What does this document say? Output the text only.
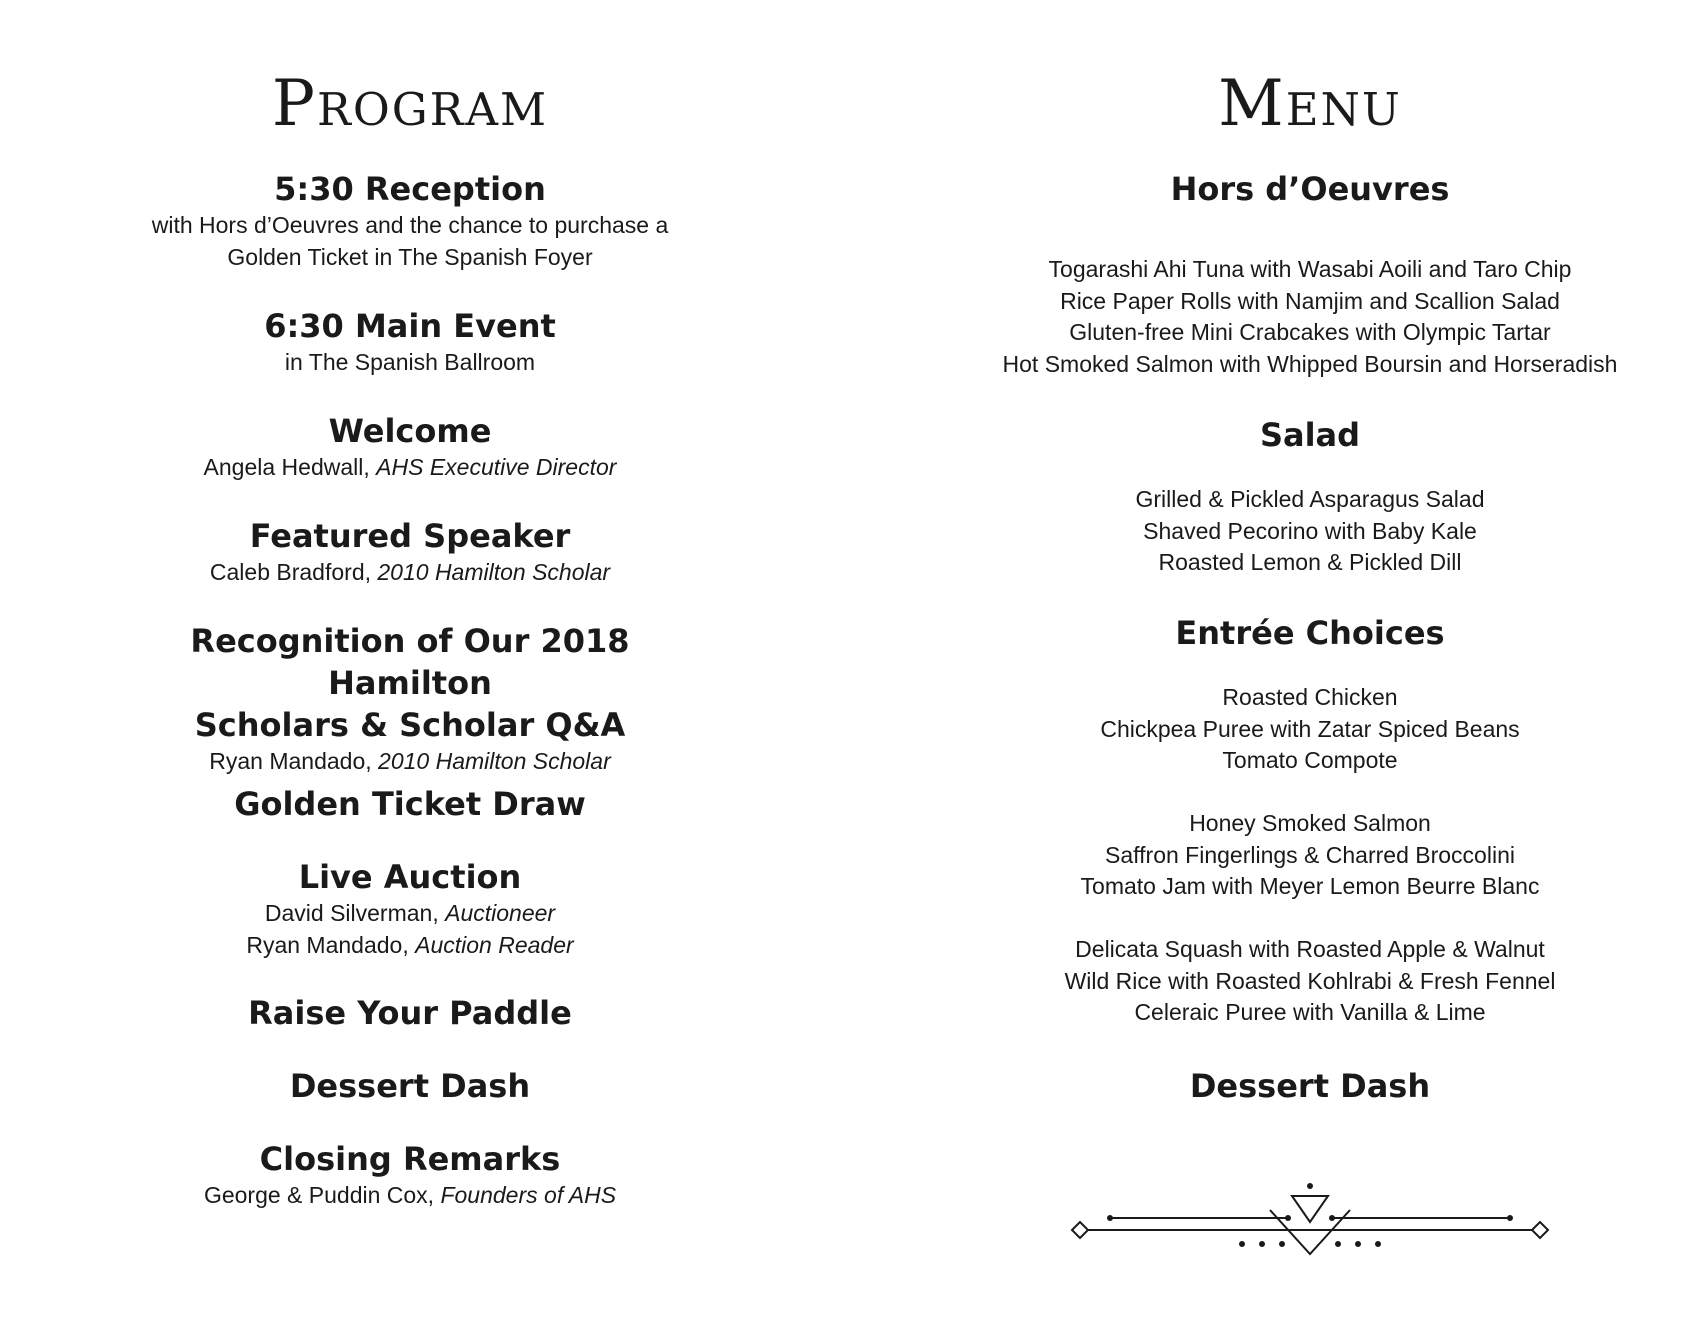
Program

5:30 Reception

with Hors d’Oeuvres and the chance to purchase a

Golden Ticket in The Spanish Foyer

6:30 Main Event

in The Spanish Ballroom

Welcome

Angela Hedwall, AHS Executive Director

Featured Speaker

Caleb Bradford, 2010 Hamilton Scholar

Recognition of Our 2018 Hamilton

Scholars & Scholar Q&A

Ryan Mandado, 2010 Hamilton Scholar

Golden Ticket Draw

Live Auction

David Silverman, Auctioneer

Ryan Mandado, Auction Reader

Raise Your Paddle

Dessert Dash

Closing Remarks

George & Puddin Cox, Founders of AHS

Menu

Hors d’Oeuvres

Togarashi Ahi Tuna with Wasabi Aoili and Taro Chip

Rice Paper Rolls with Namjim and Scallion Salad

Gluten-free Mini Crabcakes with Olympic Tartar

Hot Smoked Salmon with Whipped Boursin and Horseradish

Salad

Grilled & Pickled Asparagus Salad

Shaved Pecorino with Baby Kale

Roasted Lemon & Pickled Dill

Entrée Choices

Roasted Chicken

Chickpea Puree with Zatar Spiced Beans

Tomato Compote

Honey Smoked Salmon

Saffron Fingerlings & Charred Broccolini

Tomato Jam with Meyer Lemon Beurre Blanc

Delicata Squash with Roasted Apple & Walnut

Wild Rice with Roasted Kohlrabi & Fresh Fennel

Celeraic Puree with Vanilla & Lime

Dessert Dash
